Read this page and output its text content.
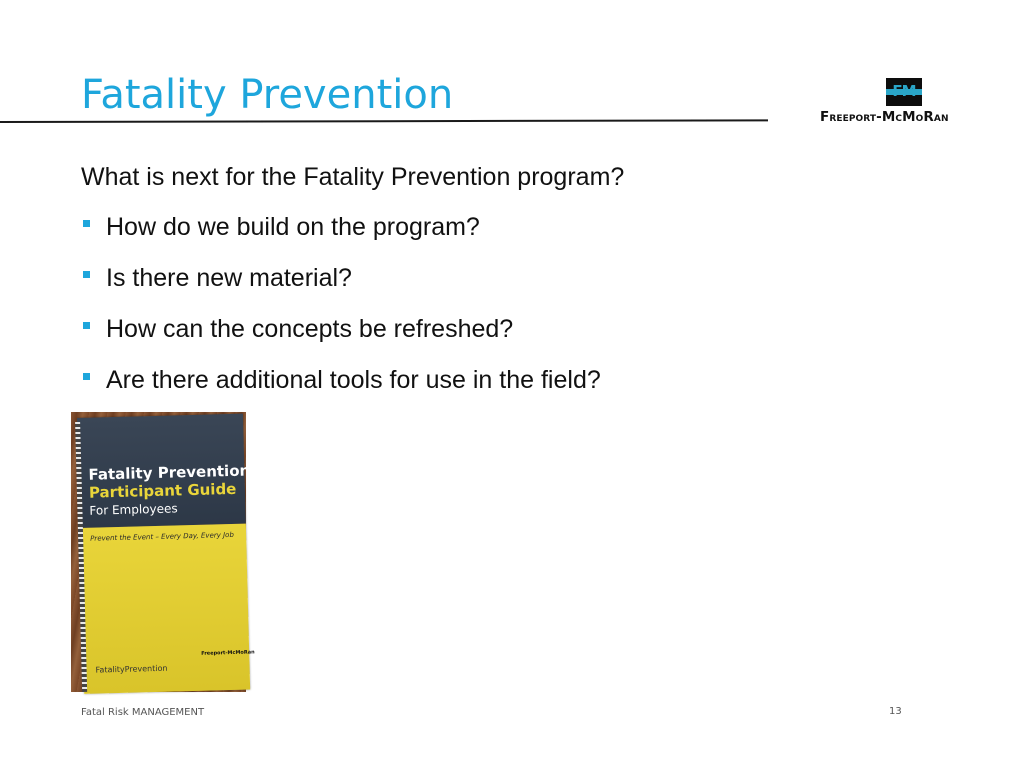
Fatality Prevention	FM
Freeport-McMoRan
What is next for the Fatality Prevention program?
How do we build on the program?
Is there new material?
How can the concepts be refreshed?
Are there additional tools for use in the field?
Fatality Prevention
Participant Guide
For Employees
Prevent the Event – Every Day, Every Job
FatalityPrevention
Freeport-McMoRan
Fatal Risk MANAGEMENT	13
